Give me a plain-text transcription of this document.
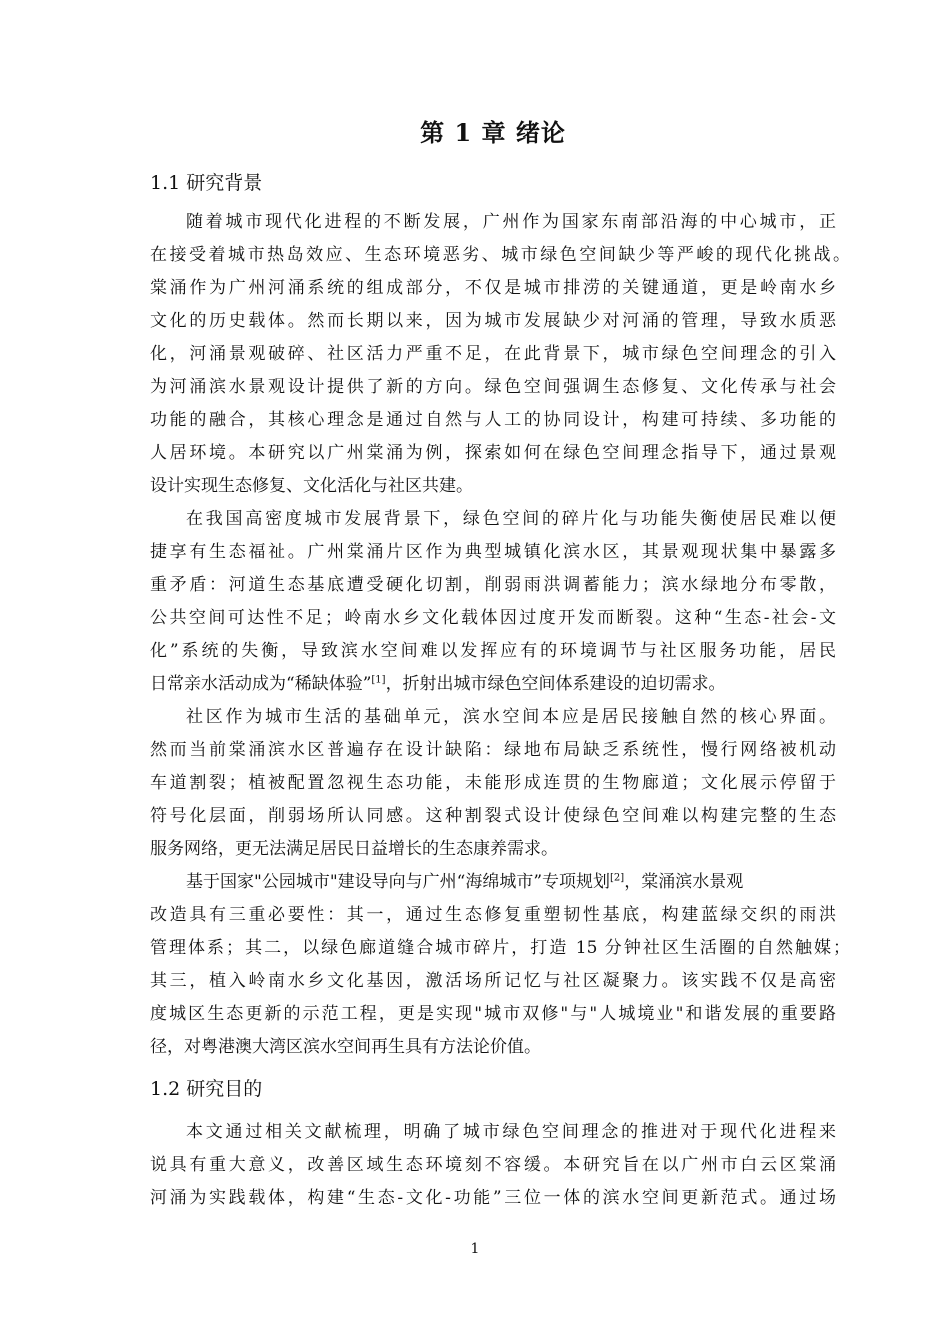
第 1 章 绪论
1.1 研究背景
随着城市现代化进程的不断发展，广州作为国家东南部沿海的中心城市，正
在接受着城市热岛效应、生态环境恶劣、城市绿色空间缺少等严峻的现代化挑战。
棠涌作为广州河涌系统的组成部分，不仅是城市排涝的关键通道，更是岭南水乡
文化的历史载体。然而长期以来，因为城市发展缺少对河涌的管理，导致水质恶
化，河涌景观破碎、社区活力严重不足，在此背景下，城市绿色空间理念的引入
为河涌滨水景观设计提供了新的方向。绿色空间强调生态修复、文化传承与社会
功能的融合，其核心理念是通过自然与人工的协同设计，构建可持续、多功能的
人居环境。本研究以广州棠涌为例，探索如何在绿色空间理念指导下，通过景观
设计实现生态修复、文化活化与社区共建。
在我国高密度城市发展背景下，绿色空间的碎片化与功能失衡使居民难以便
捷享有生态福祉。广州棠涌片区作为典型城镇化滨水区，其景观现状集中暴露多
重矛盾：河道生态基底遭受硬化切割，削弱雨洪调蓄能力；滨水绿地分布零散，
公共空间可达性不足；岭南水乡文化载体因过度开发而断裂。这种“生态-社会-文
化”系统的失衡，导致滨水空间难以发挥应有的环境调节与社区服务功能，居民
日常亲水活动成为“稀缺体验”[1]，折射出城市绿色空间体系建设的迫切需求。
社区作为城市生活的基础单元，滨水空间本应是居民接触自然的核心界面。
然而当前棠涌滨水区普遍存在设计缺陷：绿地布局缺乏系统性，慢行网络被机动
车道割裂；植被配置忽视生态功能，未能形成连贯的生物廊道；文化展示停留于
符号化层面，削弱场所认同感。这种割裂式设计使绿色空间难以构建完整的生态
服务网络，更无法满足居民日益增长的生态康养需求。
基于国家"公园城市"建设导向与广州“海绵城市”专项规划[2]，棠涌滨水景观
改造具有三重必要性：其一，通过生态修复重塑韧性基底，构建蓝绿交织的雨洪
管理体系；其二，以绿色廊道缝合城市碎片，打造 15 分钟社区生活圈的自然触媒；
其三，植入岭南水乡文化基因，激活场所记忆与社区凝聚力。该实践不仅是高密
度城区生态更新的示范工程，更是实现"城市双修"与"人城境业"和谐发展的重要路
径，对粤港澳大湾区滨水空间再生具有方法论价值。
1.2 研究目的
本文通过相关文献梳理，明确了城市绿色空间理念的推进对于现代化进程来
说具有重大意义，改善区域生态环境刻不容缓。本研究旨在以广州市白云区棠涌
河涌为实践载体，构建“生态-文化-功能”三位一体的滨水空间更新范式。通过场
1
